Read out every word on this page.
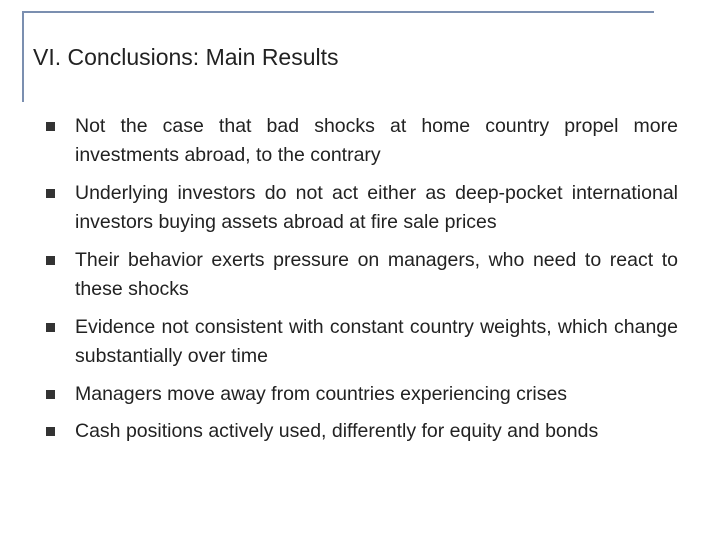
VI. Conclusions: Main Results
Not the case that bad shocks at home country propel more investments abroad, to the contrary
Underlying investors do not act either as deep-pocket international investors buying assets abroad at fire sale prices
Their behavior exerts pressure on managers, who need to react to these shocks
Evidence not consistent with constant country weights, which change substantially over time
Managers move away from countries experiencing crises
Cash positions actively used, differently for equity and bonds
